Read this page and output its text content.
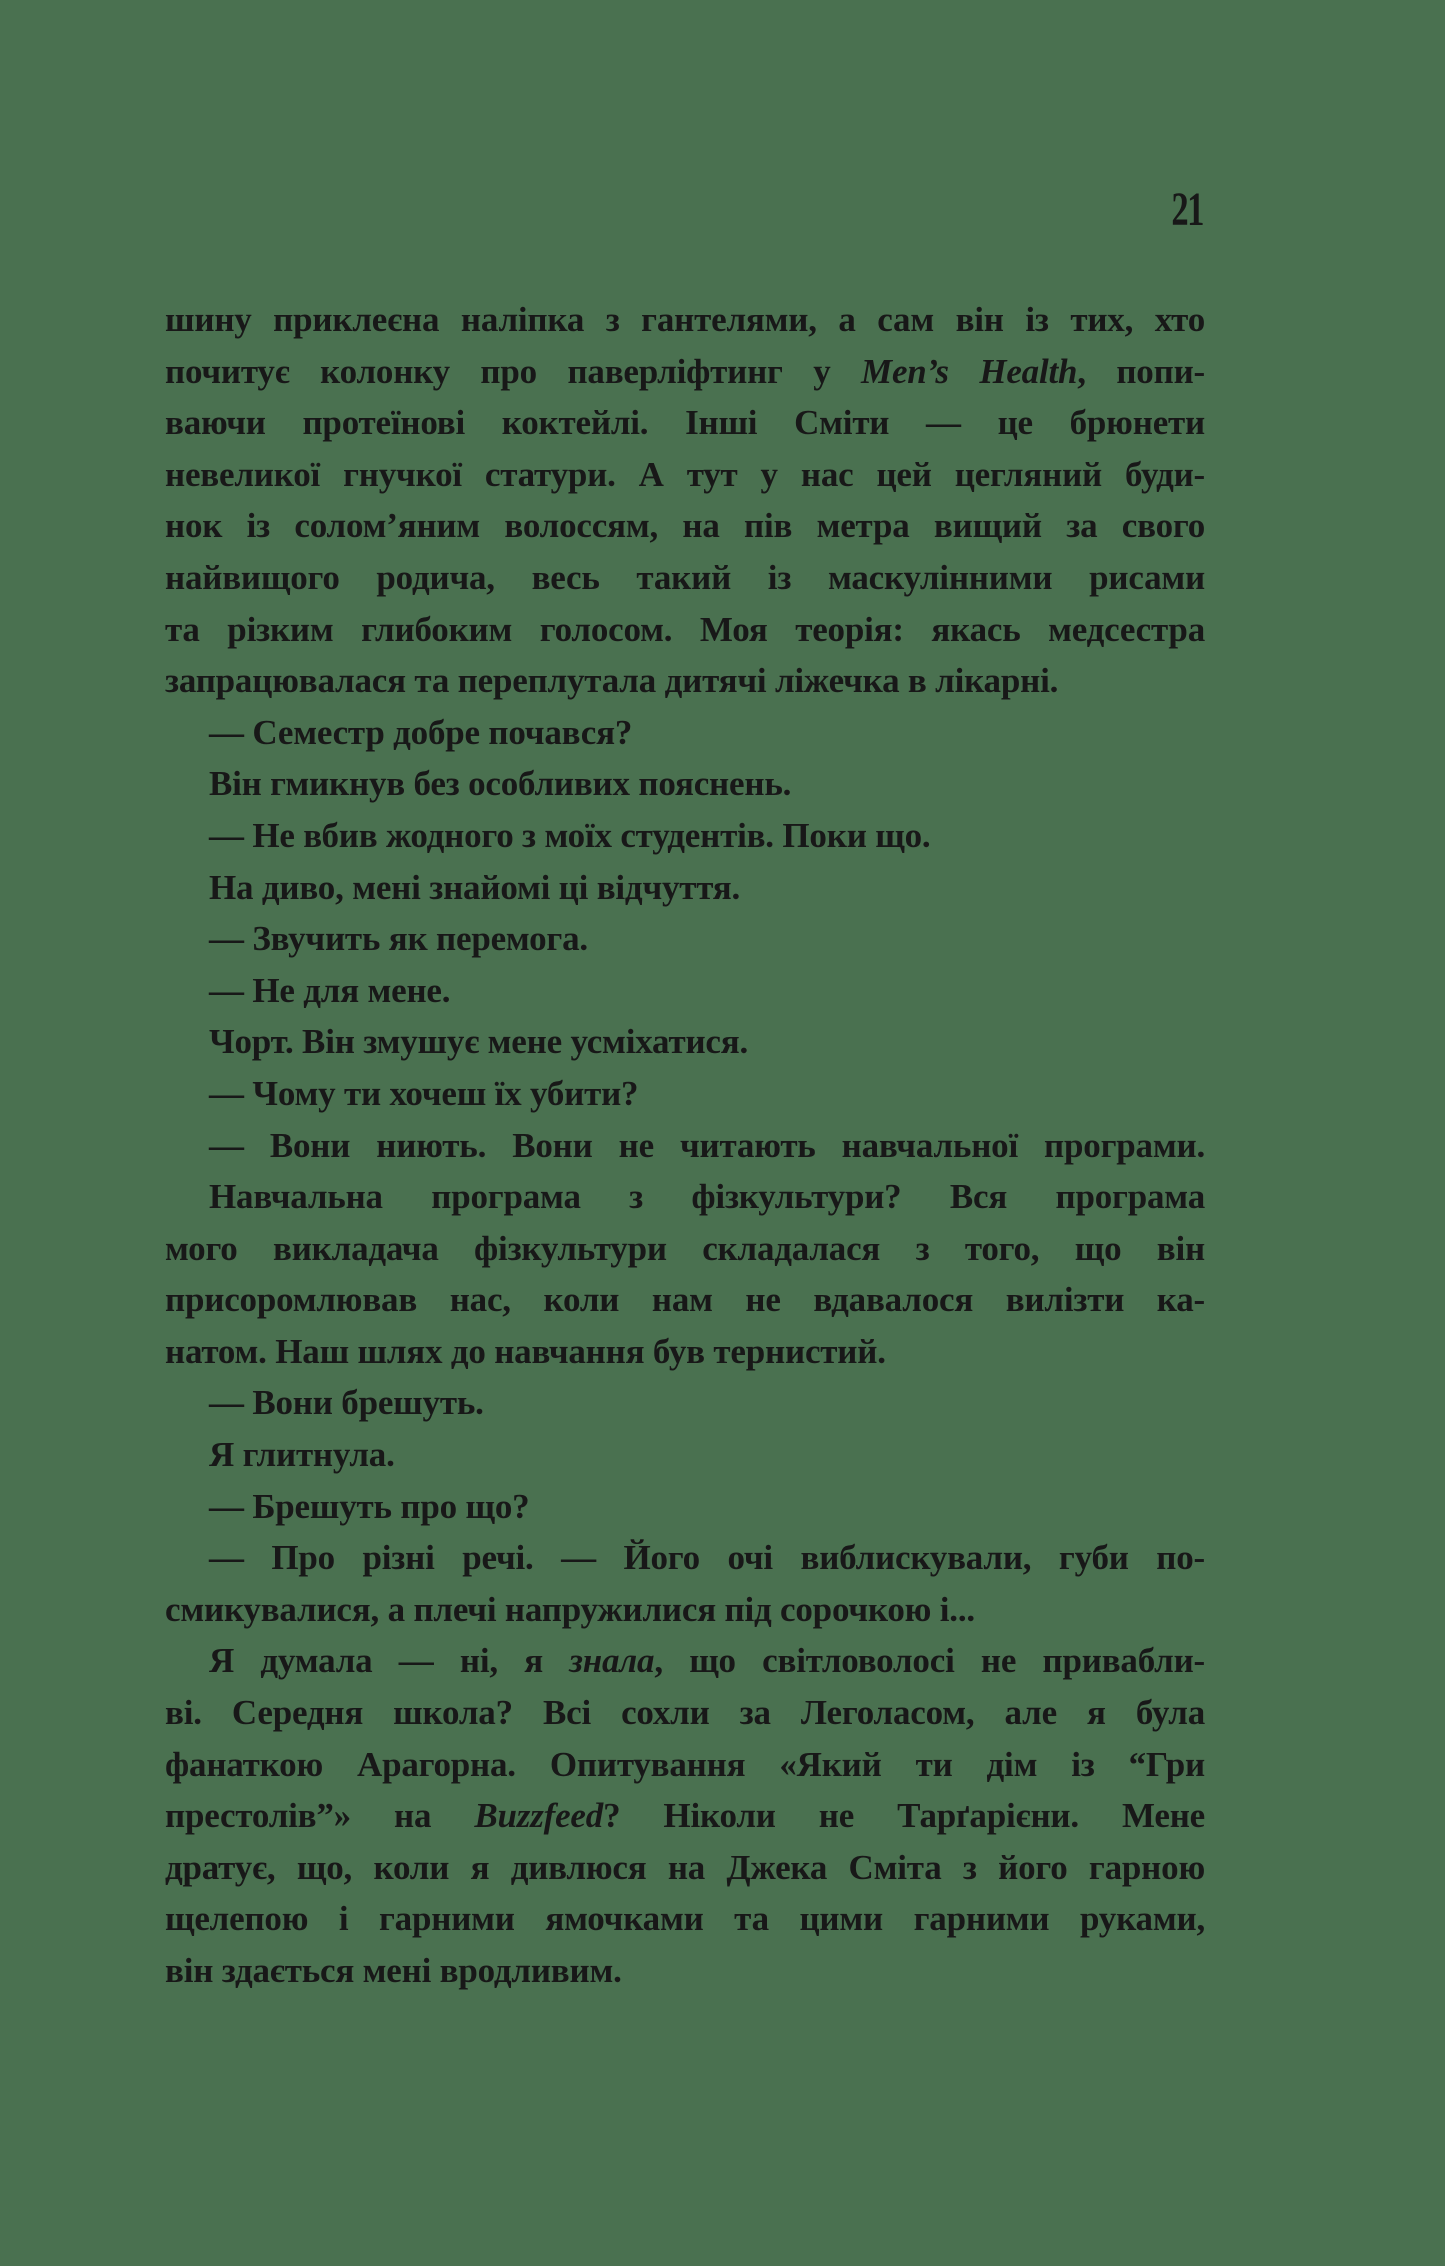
21
шину приклеєна наліпка з гантелями, а сам він із тих, хто
почитує колонку про паверліфтинг у Men’s Health, попи-
ваючи протеїнові коктейлі. Інші Сміти — це брюнети
невеликої гнучкої статури. А тут у нас цей цегляний буди-
нок із солом’яним волоссям, на пів метра вищий за свого
найвищого родича, весь такий із маскулінними рисами
та різким глибоким голосом. Моя теорія: якась медсестра
запрацювалася та переплутала дитячі ліжечка в лікарні.
— Семестр добре почався?
Він гмикнув без особливих пояснень.
— Не вбив жодного з моїх студентів. Поки що.
На диво, мені знайомі ці відчуття.
— Звучить як перемога.
— Не для мене.
Чорт. Він змушує мене усміхатися.
— Чому ти хочеш їх убити?
— Вони ниють. Вони не читають навчальної програми.
Навчальна програма з фізкультури? Вся програма
мого викладача фізкультури складалася з того, що він
присоромлював нас, коли нам не вдавалося вилізти ка-
натом. Наш шлях до навчання був тернистий.
— Вони брешуть.
Я глитнула.
— Брешуть про що?
— Про різні речі. — Його очі виблискували, губи по-
смикувалися, а плечі напружилися під сорочкою і...
Я думала — ні, я знала, що світловолосі не привабли-
ві. Середня школа? Всі сохли за Леголасом, але я була
фанаткою Арагорна. Опитування «Який ти дім із “Гри
престолів”» на Buzzfeed? Ніколи не Тарґарієни. Мене
дратує, що, коли я дивлюся на Джека Сміта з його гарною
щелепою і гарними ямочками та цими гарними руками,
він здається мені вродливим.
